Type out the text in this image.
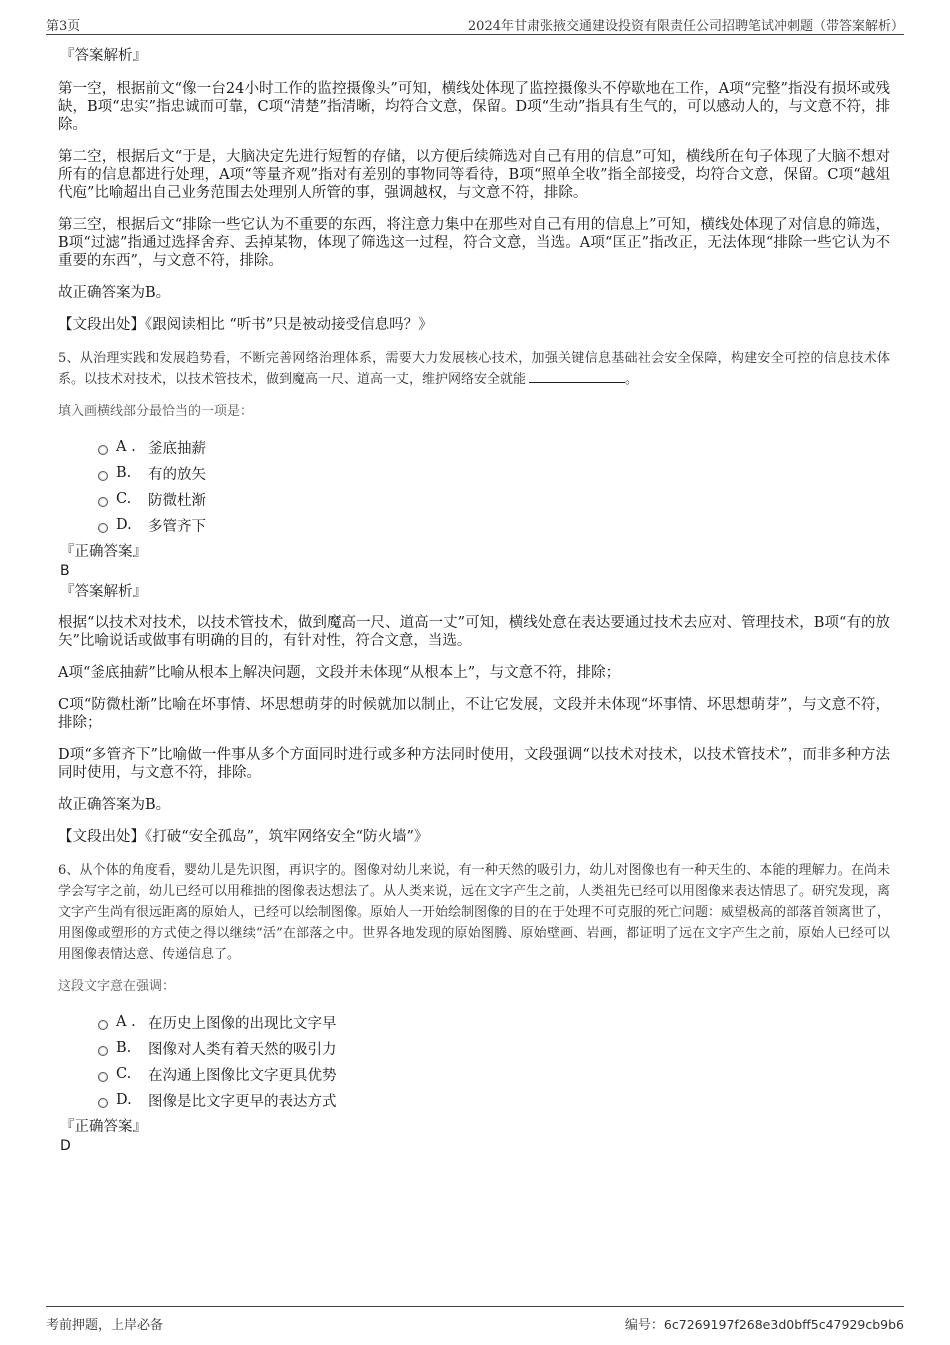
第3页	2024年甘肃张掖交通建设投资有限责任公司招聘笔试冲刺题（带答案解析）
『答案解析』

第一空，根据前文“像一台24小时工作的监控摄像头”可知，横线处体现了监控摄像头不停歇地在工作，A项“完整”指没有损坏或残缺，B项“忠实”指忠诚而可靠，C项“清楚”指清晰，均符合文意，保留。D项“生动”指具有生气的，可以感动人的，与文意不符，排除。

第二空，根据后文“于是，大脑决定先进行短暂的存储，以方便后续筛选对自己有用的信息”可知，横线所在句子体现了大脑不想对所有的信息都进行处理，A项“等量齐观”指对有差别的事物同等看待，B项“照单全收”指全部接受，均符合文意，保留。C项“越俎代庖”比喻超出自己业务范围去处理别人所管的事，强调越权，与文意不符，排除。

第三空，根据后文“排除一些它认为不重要的东西，将注意力集中在那些对自己有用的信息上”可知，横线处体现了对信息的筛选，B项“过滤”指通过选择舍弃、丢掉某物，体现了筛选这一过程，符合文意，当选。A项“匡正”指改正，无法体现“排除一些它认为不重要的东西”，与文意不符，排除。

故正确答案为B。

【文段出处】《跟阅读相比 “听书”只是被动接受信息吗？》

5、从治理实践和发展趋势看，不断完善网络治理体系，需要大力发展核心技术，加强关键信息基础社会安全保障，构建安全可控的信息技术体系。以技术对技术，以技术管技术，做到魔高一尺、道高一丈，维护网络安全就能	。

填入画横线部分最恰当的一项是：
A . 釜底抽薪
B.	有的放矢
C.	防微杜渐
D.	多管齐下
『正确答案』
B
『答案解析』

根据“以技术对技术，以技术管技术，做到魔高一尺、道高一丈”可知，横线处意在表达要通过技术去应对、管理技术，B项“有的放矢”比喻说话或做事有明确的目的，有针对性，符合文意，当选。

A项“釜底抽薪”比喻从根本上解决问题，文段并未体现“从根本上”，与文意不符，排除；

C项“防微杜渐”比喻在坏事情、坏思想萌芽的时候就加以制止，不让它发展，文段并未体现“坏事情、坏思想萌芽”，与文意不符，排除；

D项“多管齐下”比喻做一件事从多个方面同时进行或多种方法同时使用，文段强调“以技术对技术，以技术管技术”，而非多种方法同时使用，与文意不符，排除。

故正确答案为B。

【文段出处】《打破“安全孤岛”，筑牢网络安全“防火墙”》

6、从个体的角度看，婴幼儿是先识图，再识字的。图像对幼儿来说，有一种天然的吸引力，幼儿对图像也有一种天生的、本能的理解力。在尚未学会写字之前，幼儿已经可以用稚拙的图像表达想法了。从人类来说，远在文字产生之前，人类祖先已经可以用图像来表达情思了。研究发现，离文字产生尚有很远距离的原始人，已经可以绘制图像。原始人一开始绘制图像的目的在于处理不可克服的死亡问题：威望极高的部落首领离世了，用图像或塑形的方式使之得以继续“活”在部落之中。世界各地发现的原始图腾、原始壁画、岩画，都证明了远在文字产生之前，原始人已经可以用图像表情达意、传递信息了。

这段文字意在强调：
A . 在历史上图像的出现比文字早
B.	图像对人类有着天然的吸引力
C.	在沟通上图像比文字更具优势
D.	图像是比文字更早的表达方式
『正确答案』
D
考前押题，上岸必备	编号：6c7269197f268e3d0bff5c47929cb9b6
